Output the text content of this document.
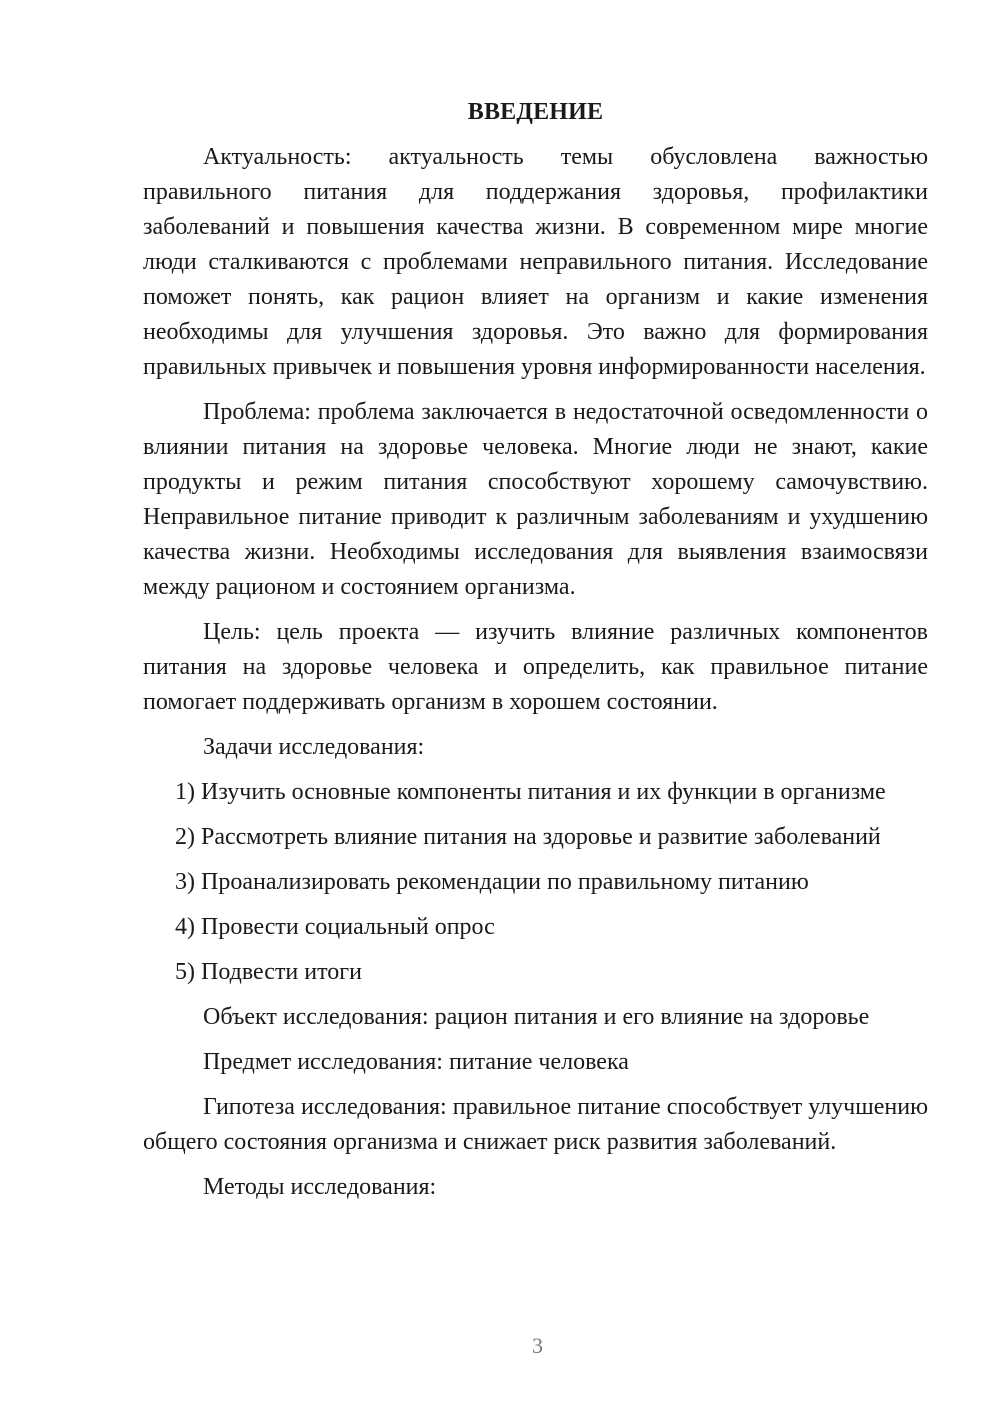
ВВЕДЕНИЕ

Актуальность: актуальность темы обусловлена важностью правильного питания для поддержания здоровья, профилактики заболеваний и повышения качества жизни. В современном мире многие люди сталкиваются с проблемами неправильного питания. Исследование поможет понять, как рацион влияет на организм и какие изменения необходимы для улучшения здоровья. Это важно для формирования правильных привычек и повышения уровня информированности населения.

Проблема: проблема заключается в недостаточной осведомленности о влиянии питания на здоровье человека. Многие люди не знают, какие продукты и режим питания способствуют хорошему самочувствию. Неправильное питание приводит к различным заболеваниям и ухудшению качества жизни. Необходимы исследования для выявления взаимосвязи между рационом и состоянием организма.

Цель: цель проекта — изучить влияние различных компонентов питания на здоровье человека и определить, как правильное питание помогает поддерживать организм в хорошем состоянии.

Задачи исследования:

1) Изучить основные компоненты питания и их функции в организме
2) Рассмотреть влияние питания на здоровье и развитие заболеваний
3) Проанализировать рекомендации по правильному питанию
4) Провести социальный опрос
5) Подвести итоги

Объект исследования: рацион питания и его влияние на здоровье

Предмет исследования: питание человека

Гипотеза исследования: правильное питание способствует улучшению общего состояния организма и снижает риск развития заболеваний.

Методы исследования:

3
